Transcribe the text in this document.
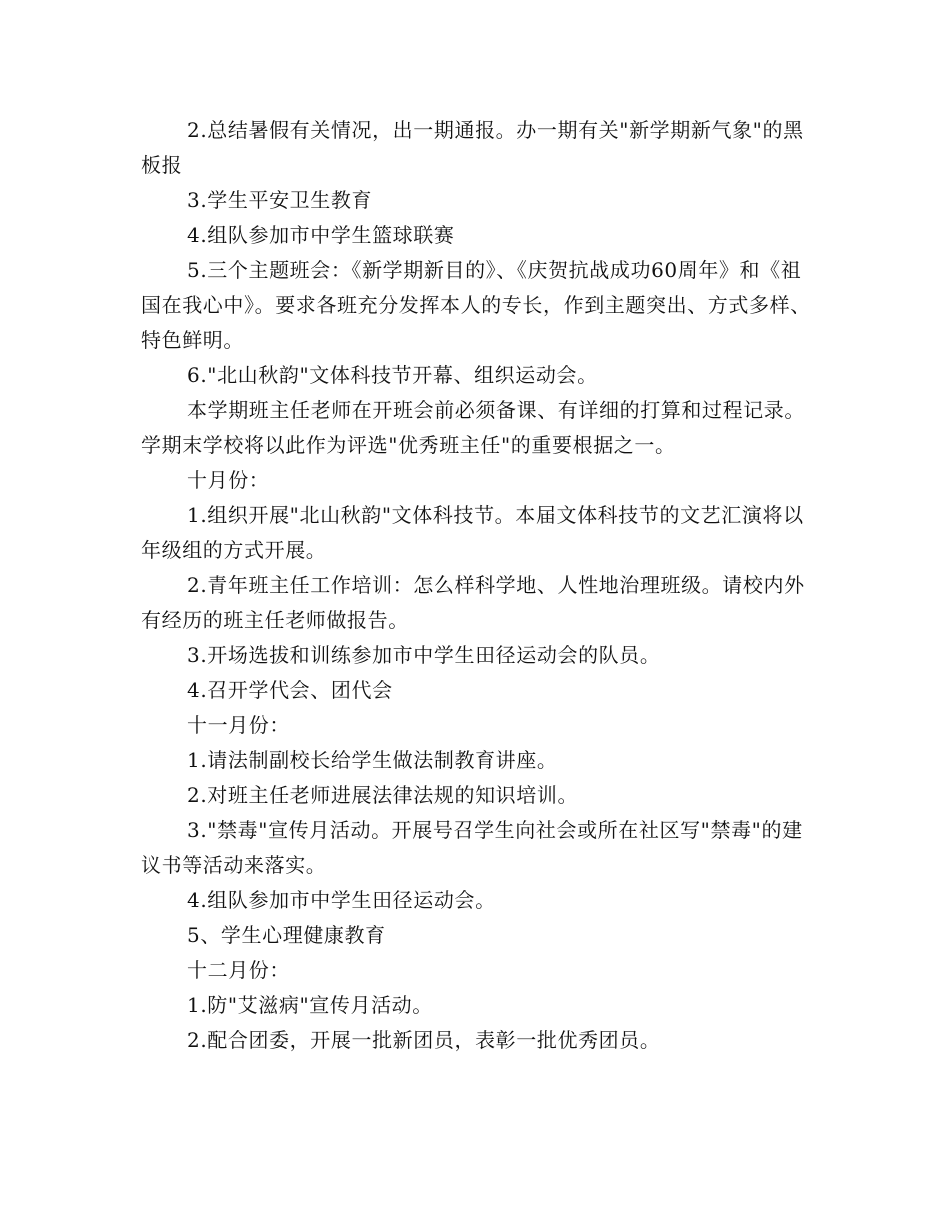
2.总结暑假有关情况，出一期通报。办一期有关"新学期新气象"的黑板报

3.学生平安卫生教育

4.组队参加市中学生篮球联赛

5.三个主题班会：《新学期新目的》、《庆贺抗战成功60周年》和《祖国在我心中》。要求各班充分发挥本人的专长，作到主题突出、方式多样、特色鲜明。

6."北山秋韵"文体科技节开幕、组织运动会。

本学期班主任老师在开班会前必须备课、有详细的打算和过程记录。学期末学校将以此作为评选"优秀班主任"的重要根据之一。

十月份：

1.组织开展"北山秋韵"文体科技节。本届文体科技节的文艺汇演将以年级组的方式开展。

2.青年班主任工作培训：怎么样科学地、人性地治理班级。请校内外有经历的班主任老师做报告。

3.开场选拔和训练参加市中学生田径运动会的队员。

4.召开学代会、团代会

十一月份：

1.请法制副校长给学生做法制教育讲座。

2.对班主任老师进展法律法规的知识培训。

3."禁毒"宣传月活动。开展号召学生向社会或所在社区写"禁毒"的建议书等活动来落实。

4.组队参加市中学生田径运动会。

5、学生心理健康教育

十二月份：

1.防"艾滋病"宣传月活动。

2.配合团委，开展一批新团员，表彰一批优秀团员。
